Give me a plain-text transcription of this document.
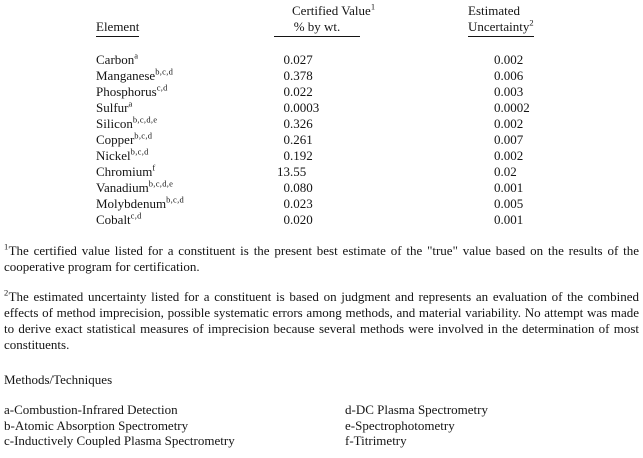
Certified Value$^1$	Estimated
Element	% by wt.	Uncertainty$^2$
Carbon$^a$	0.027	0.002
Manganese$^{b,c,d}$	0.378	0.006
Phosphorus$^{c,d}$	0.022	0.003
Sulfur$^a$	0.0003	0.0002
Silicon$^{b,c,d,e}$	0.326	0.002
Copper$^{b,c,d}$	0.261	0.007
Nickel$^{b,c,d}$	0.192	0.002
Chromium$^f$	13.55	0.02
Vanadium$^{b,c,d,e}$	0.080	0.001
Molybdenum$^{b,c,d}$	0.023	0.005
Cobalt$^{c,d}$	0.020	0.001

$^1$The certified value listed for a constituent is the present best estimate of the "true" value based on the results of the cooperative program for certification.

$^2$The estimated uncertainty listed for a constituent is based on judgment and represents an evaluation of the combined effects of method imprecision, possible systematic errors among methods, and material variability. No attempt was made to derive exact statistical measures of imprecision because several methods were involved in the determination of most constituents.

Methods/Techniques
a-Combustion-Infrared Detection
b-Atomic Absorption Spectrometry
c-Inductively Coupled Plasma Spectrometry
d-DC Plasma Spectrometry
e-Spectrophotometry
f-Titrimetry
